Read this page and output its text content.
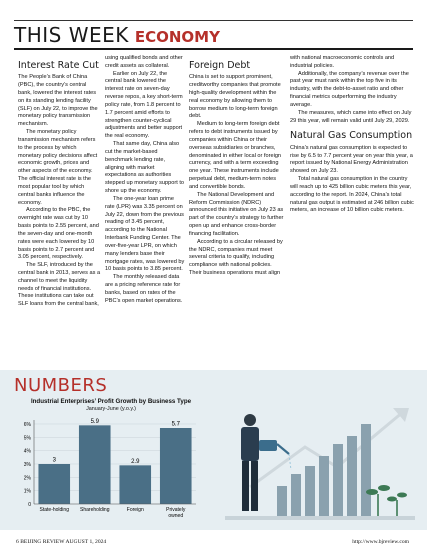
THIS WEEK ECONOMY
Interest Rate Cut

The People’s Bank of China (PBC), the country’s central bank, lowered the interest rates on its standing lending facility (SLF) on July 22, to improve the monetary policy transmission mechanism.

The monetary policy transmission mechanism refers to the process by which monetary policy decisions affect economic growth, prices and other aspects of the economy. The official interest rate is the most popular tool by which central banks influence the economy.

According to the PBC, the overnight rate was cut by 10 basis points to 2.55 percent, and the seven-day and one-month rates were each lowered by 10 basis points to 2.7 percent and 3.05 percent, respectively.

The SLF, introduced by the central bank in 2013, serves as a channel to meet the liquidity needs of financial institutions. These institutions can take out SLF loans from the central bank,

using qualified bonds and other credit assets as collateral.

Earlier on July 22, the central bank lowered the interest rate on seven-day reverse repos, a key short-term policy rate, from 1.8 percent to 1.7 percent amid efforts to strengthen counter-cyclical adjustments and better support the real economy.

That same day, China also cut the market-based benchmark lending rate, aligning with market expectations as authorities stepped up monetary support to shore up the economy.

The one-year loan prime rate (LPR) was 3.35 percent on July 22, down from the previous reading of 3.45 percent, according to the National Interbank Funding Center. The over-five-year LPR, on which many lenders base their mortgage rates, was lowered by 10 basis points to 3.85 percent.

The monthly released data are a pricing reference rate for banks, based on rates of the PBC’s open market operations.

Foreign Debt

China is set to support prominent, creditworthy companies that promote high-quality development within the real economy by allowing them to borrow medium to long-term foreign debt.

Medium to long-term foreign debt refers to debt instruments issued by companies within China or their overseas subsidiaries or branches, denominated in either local or foreign currency, and with a term exceeding one year. These instruments include perpetual debt, medium-term notes and convertible bonds.

The National Development and Reform Commission (NDRC) announced this initiative on July 23 as part of the country’s strategy to further open up and enhance cross-border financing facilitation.

According to a circular released by the NDRC, companies must meet several criteria to qualify, including compliance with national policies. Their business operations must align

NUMBERS
Industrial Enterprises’ Profit Growth by Business Type
January-June (y.o.y.)
0
1%
2%
3%
4%
5%
6%
3
State-holding
5.9
Shareholding
2.9
Foreign
5.7
Privately
owned
6 BEIJING REVIEW AUGUST 1, 2024	http://www.bjreview.com

with national macroeconomic controls and industrial policies.

Additionally, the company’s revenue over the past year must rank within the top five in its industry, with the debt-to-asset ratio and other financial metrics outperforming the industry average.

The measures, which came into effect on July 29 this year, will remain valid until July 29, 2029.

Natural Gas Consumption

China’s natural gas consumption is expected to rise by 6.5 to 7.7 percent year on year this year, a report issued by National Energy Administration showed on July 23.

Total natural gas consumption in the country will reach up to 425 billion cubic meters this year, according to the report. In 2024, China’s total natural gas output is estimated at 246 billion cubic meters, an increase of 10 billion cubic meters.
